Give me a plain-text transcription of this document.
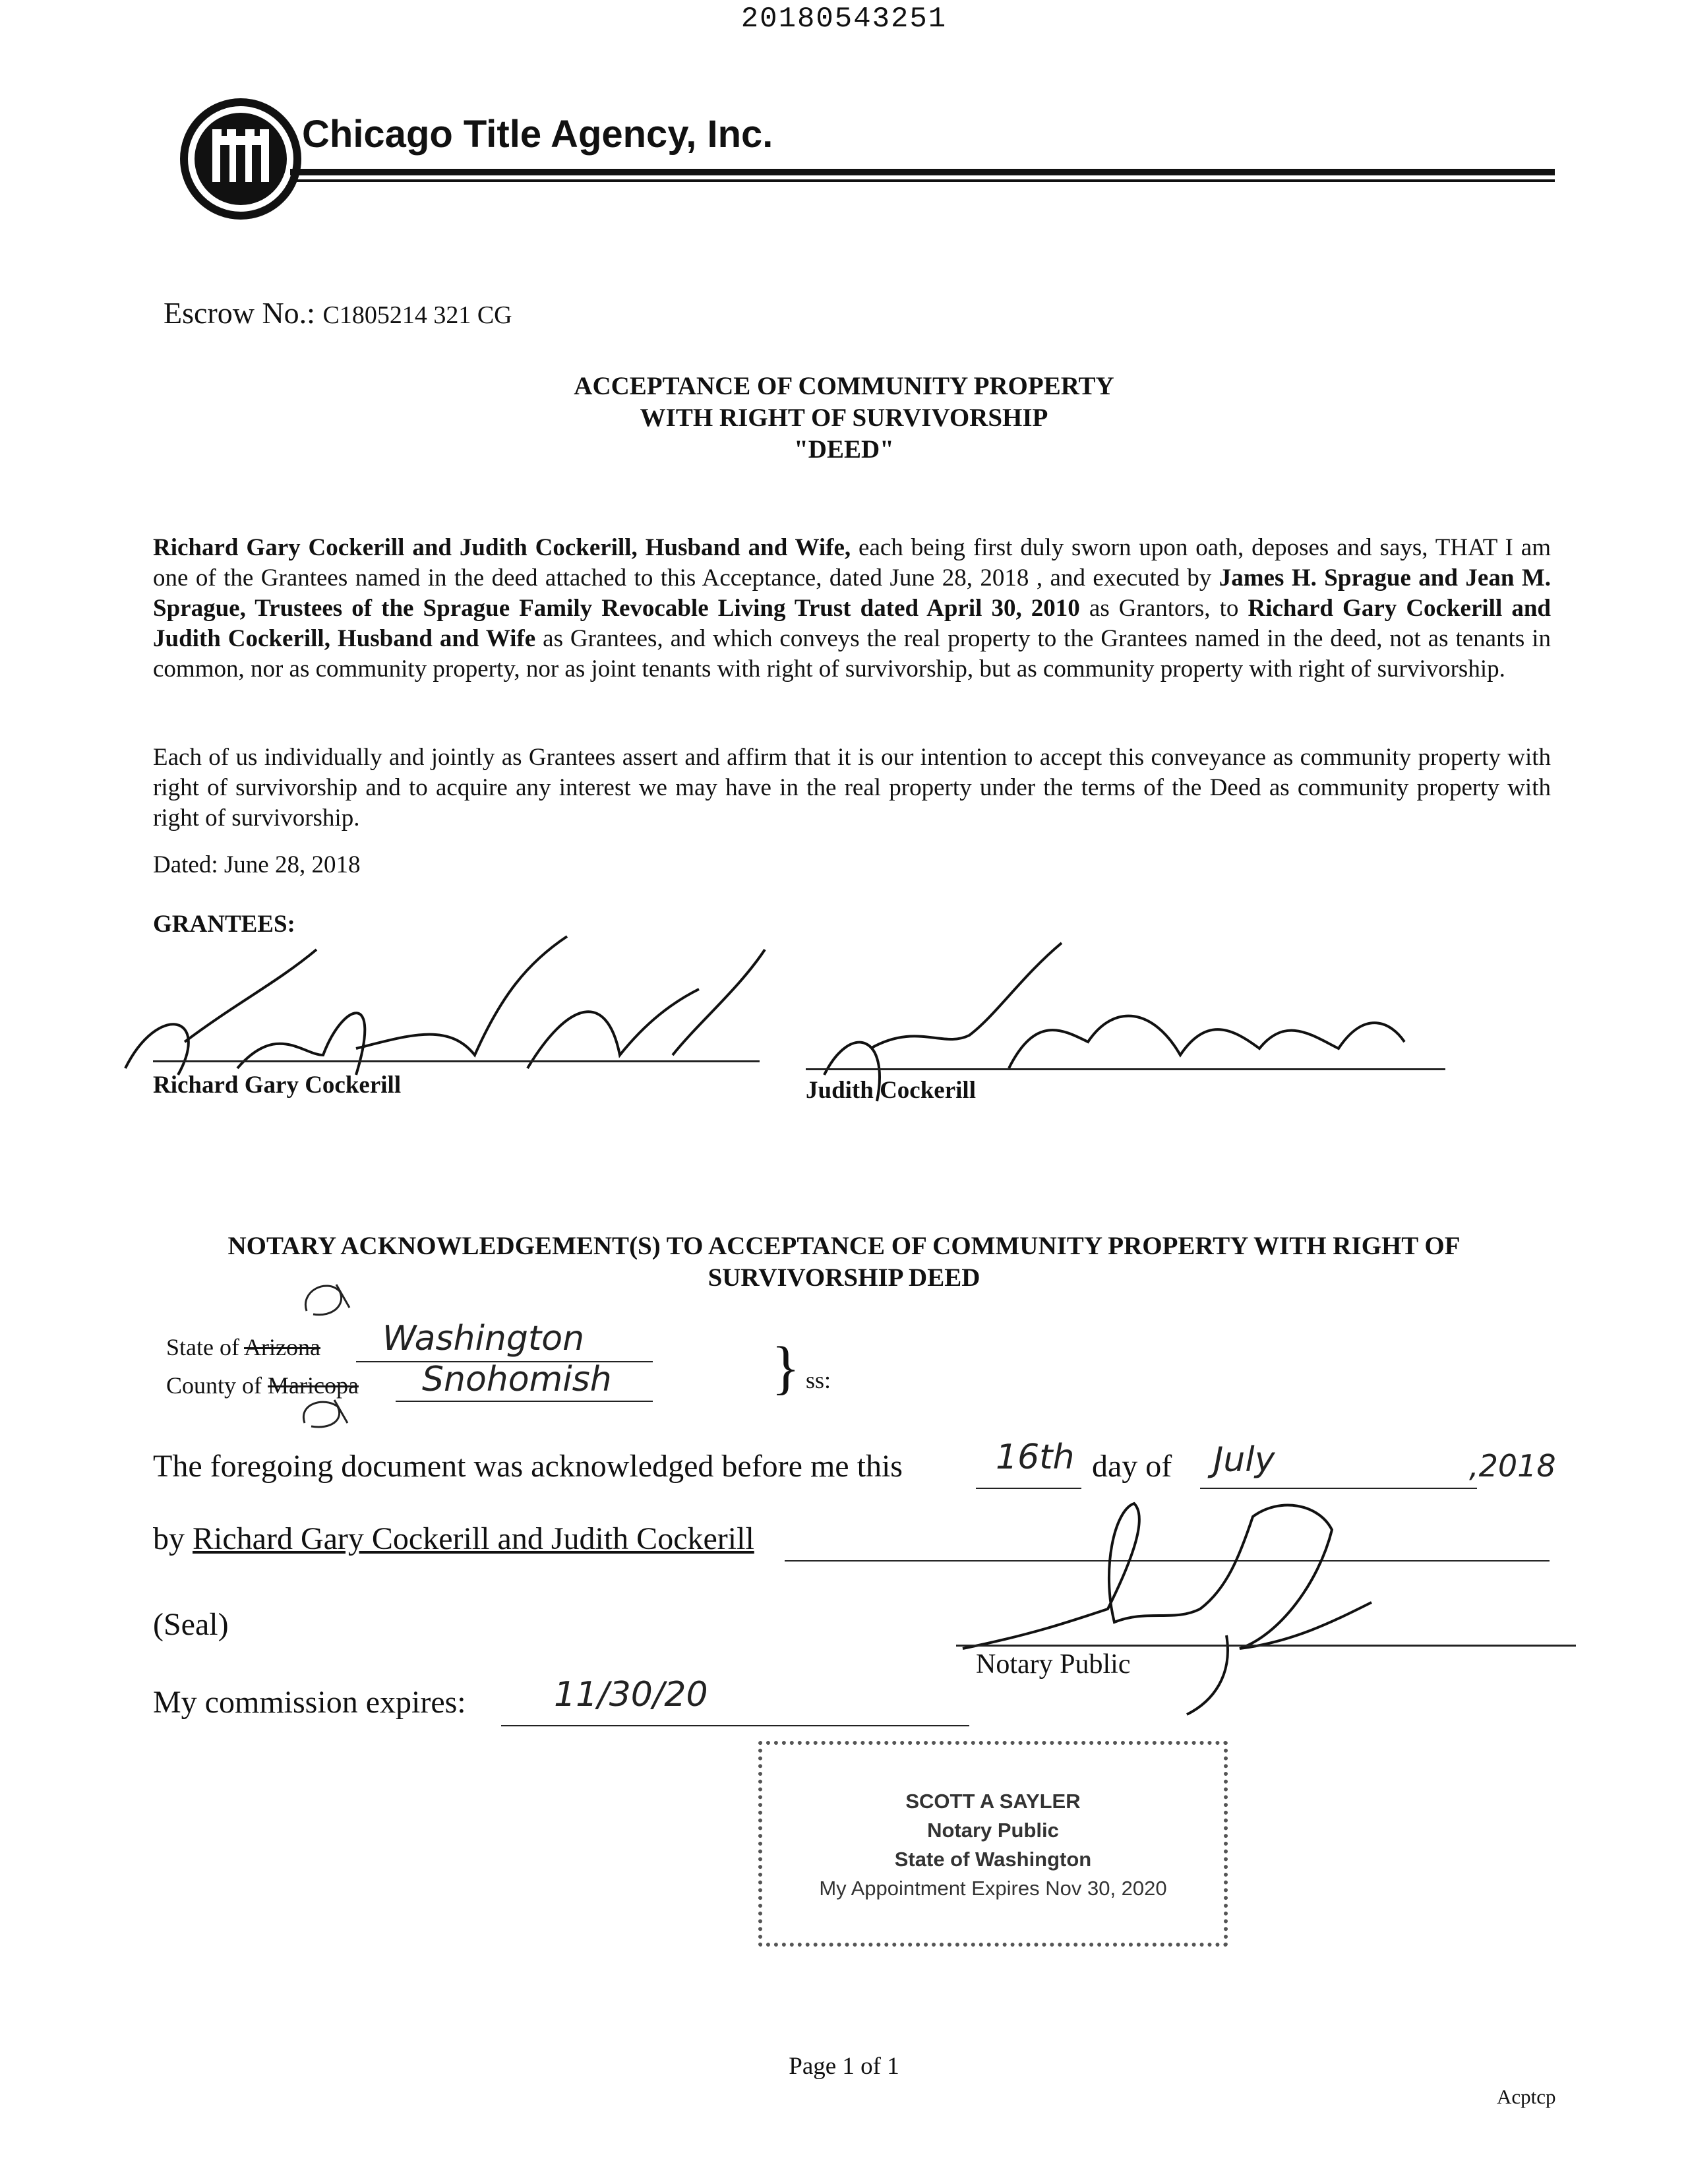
20180543251
Chicago Title Agency, Inc.
Escrow No.: C1805214 321 CG
ACCEPTANCE OF COMMUNITY PROPERTY
WITH RIGHT OF SURVIVORSHIP
"DEED"
Richard Gary Cockerill and Judith Cockerill, Husband and Wife, each being first duly sworn upon oath, deposes and says, THAT I am one of the Grantees named in the deed attached to this Acceptance, dated June 28, 2018 , and executed by James H. Sprague and Jean M. Sprague, Trustees of the Sprague Family Revocable Living Trust dated April 30, 2010 as Grantors, to Richard Gary Cockerill and Judith Cockerill, Husband and Wife as Grantees, and which conveys the real property to the Grantees named in the deed, not as tenants in common, nor as community property, nor as joint tenants with right of survivorship, but as community property with right of survivorship.
Each of us individually and jointly as Grantees assert and affirm that it is our intention to accept this conveyance as community property with right of survivorship and to acquire any interest we may have in the real property under the terms of the Deed as community property with right of survivorship.
Dated: June 28, 2018
GRANTEES:
Richard Gary Cockerill	Judith Cockerill
NOTARY ACKNOWLEDGEMENT(S) TO ACCEPTANCE OF COMMUNITY PROPERTY WITH RIGHT OF
SURVIVORSHIP DEED
State of Arizona Washington
County of Maricopa Snohomish	} ss:
The foregoing document was acknowledged before me this	16th day of July	,2018
by Richard Gary Cockerill and Judith Cockerill
(Seal)
Notary Public
My commission expires:	11/30/20
SCOTT A SAYLER
Notary Public
State of Washington
My Appointment Expires Nov 30, 2020
Page 1 of 1
Acptcp
